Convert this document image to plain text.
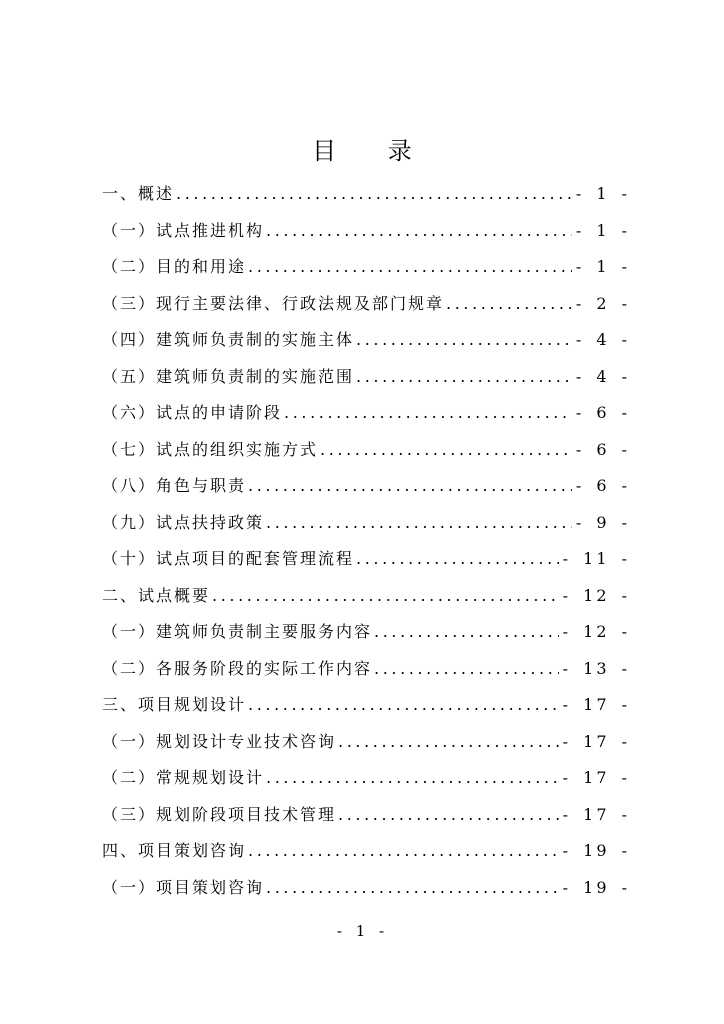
目 录
一、概述 .....	- 1 -
（一）试点推进机构 .....	- 1 -
（二）目的和用途 .....	- 1 -
（三）现行主要法律、行政法规及部门规章 .....	- 2 -
（四）建筑师负责制的实施主体 .....	- 4 -
（五）建筑师负责制的实施范围 .....	- 4 -
（六）试点的申请阶段 .....	- 6 -
（七）试点的组织实施方式 .....	- 6 -
（八）角色与职责 .....	- 6 -
（九）试点扶持政策 .....	- 9 -
（十）试点项目的配套管理流程 .....	- 11 -
二、试点概要 .....	- 12 -
（一）建筑师负责制主要服务内容 .....	- 12 -
（二）各服务阶段的实际工作内容 .....	- 13 -
三、项目规划设计 .....	- 17 -
（一）规划设计专业技术咨询 .....	- 17 -
（二）常规规划设计 .....	- 17 -
（三）规划阶段项目技术管理 .....	- 17 -
四、项目策划咨询 .....	- 19 -
（一）项目策划咨询 .....	- 19 -
- 1 -
